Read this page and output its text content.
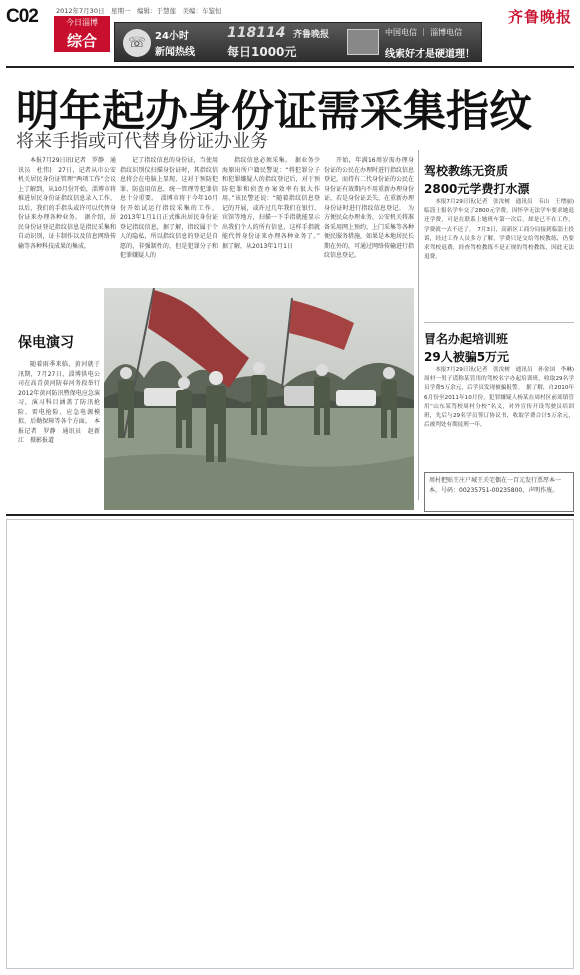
C02	2012年7月30日　星期一　编辑：于慧莲　美编：车鉴恒
今日淄博
综合
齐鲁晚报
☏ 24小时
新闻热线
118114
每日1000元
齐鲁晚报	中国电信 ｜ 淄博电信
线索好才是硬道理！
明年起办身份证需采集指纹
将来手指或可代替身份证办业务

本报7月29日讯(记者　罗静　通讯员　杜伟)　27日，记者从市公安机关居民身份证管理“两项工作”会议上了解到，从10月份开始，淄博市将推进居民身份证指纹信息录入工作，以后，我们的手指头或许可以代替身份证来办理各种业务。　据介绍，居民身份证登记指纹信息是指民采集和自动识别，证卡制作以及信息网络传输等各种科技成果的集成。

记了指纹信息的身份证，当使用指纹识别仪扫描身份证时，其指纹信息将会在电脑上显现，这对于预防犯罪、防盗用信息，统一管理等犯罪信息十分重要。　淄博市将于今年10月份开始试运行指纹采集的工作，2013年1月1日正式推出居民身份证登记指纹信息，据了解，指纹属于个人的隐私，所以指纹信息的登记是自愿的，非强制性的，但是犯罪分子和犯罪嫌疑人的

指纹信息必须采集。　据业务少海原出所户籍民警说：“将犯罪分子和犯罪嫌疑人的指纹登记后，对于预防犯罪和侦查办案效率有很大作用。”该民警还说：“随着指纹信息登记的开展，或许过几年我们在银行、宾馆等地方，扫描一下手指就能显示出我们个人的所有信息，这样手指就能代替身份证来办理各种业务了。”　据了解，从2013年1月1日

开始，年满16周岁需办理身份证的公民在办理时进行指纹信息登记，而持有二代身份证的公民在身份证有效期内不用重新办理身份证，若是身份证丢失，在重新办理身份证时进行指纹信息登记。　为方便民众办理业务，公安机关将准备采用网上预约、上门采集等各种便民服务措施，如果是本地居民长期在外的，可通过网络传输进行指纹信息登记。

保电演习

随着雨季来临，黄河就于汛期，7月27日，淄博供电公司在高青黄河防春河务段举行2012年黄河防汛暨保电应急演习，演习科目涵盖了防汛抢险、雷电抢险、应急电源模拟、后勤保障等各个方面。　本报记者　罗静　通讯员　赵新江　摄影报道

驾校教练无资质
2800元学费打水漂

本报7月29日讯(记者　张汝树　通讯员　韦山　王增丽)　临淄士报名学车交了2800元学费，因怀孕无法学车要求她退还学费，可是在联系上她班车第一次后，却是已不在工作，学费就一去不还了。　7月3日，高新区工商分局接到临淄士投诉，经过工作人员多方了解，学费只是交给驾校教练，仍要求驾校退费，经查驾校教练不是正规的驾校教练，因此无法退费。

冒名办起培训班
29人被骗5万元

本报7月29日讯(记者　张汝树　通讯员　孙金国　李琳)　周村一男子谎称某管用的驾校名字办起培训班，收取29名学员学费5万余元，后学员发现被骗报警。　据了解，自2010年6月份至2011年10月份，犯罪嫌疑人杨某在周村区前郊镇管用“山东某驾校周村分校”名义，对外宣传开设驾驶员培训班，先后与29名学员签订协议书，收取学费合计5万余元，后被判处有期徒刑一年。

周村把贴王庄户城王关宅偶在一百元发行票厚本一本，号码：00235751-00235800，声明作废。
